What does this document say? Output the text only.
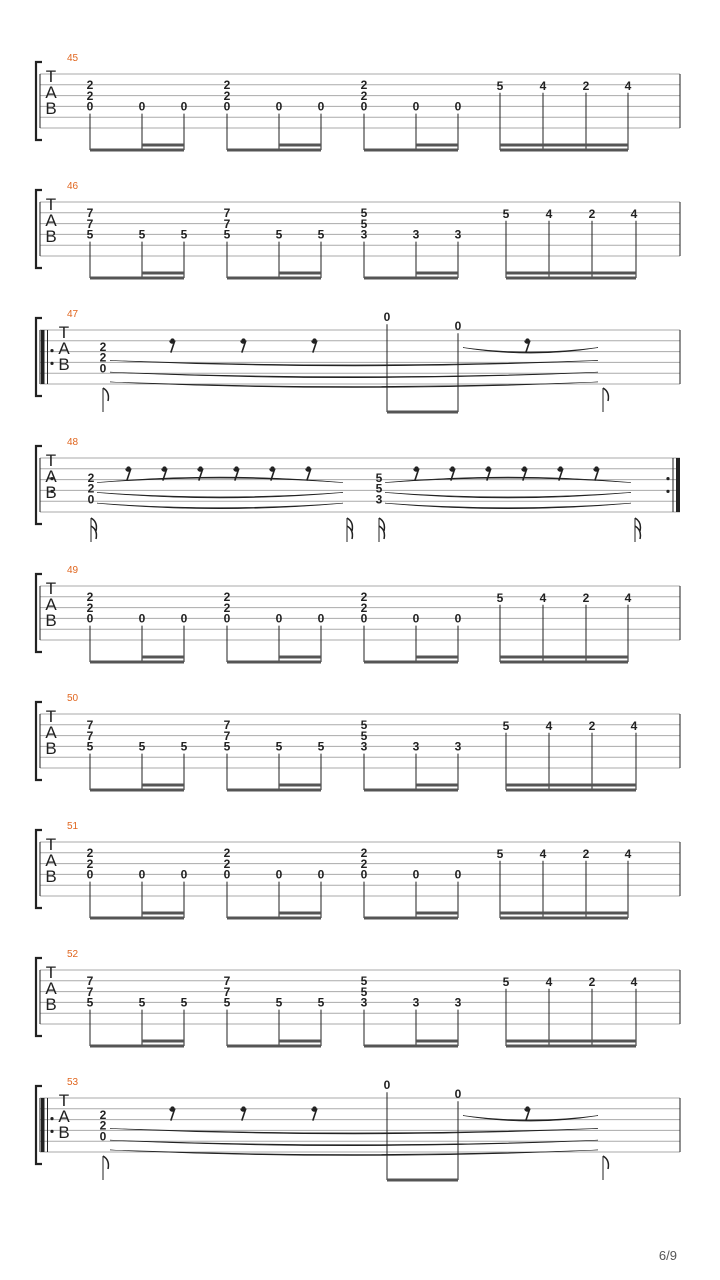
45
T
A
B
2
2
0	0	0
2
2
0	0	0
2
2
0	0	0
5	4	2	4
46
T
A
B
7
7
5	5	5
7
7
5	5	5
5
5
3	3	3
5	4	2	4
47
T
A
B
2
2
0
0
0
48
T
A
B
2
2
0
5
5
3
49
T
A
B
2
2
0	0	0
2
2
0	0	0
2
2
0	0	0
5	4	2	4
50
T
A
B
7
7
5	5	5
7
7
5	5	5
5
5
3	3	3
5	4	2	4
51
T
A
B
2
2
0	0	0
2
2
0	0	0
2
2
0	0	0
5	4	2	4
52
T
A
B
7
7
5	5	5
7
7
5	5	5
5
5
3	3	3
5	4	2	4
53
T
A
B
2
2
0
0
0
6/9
